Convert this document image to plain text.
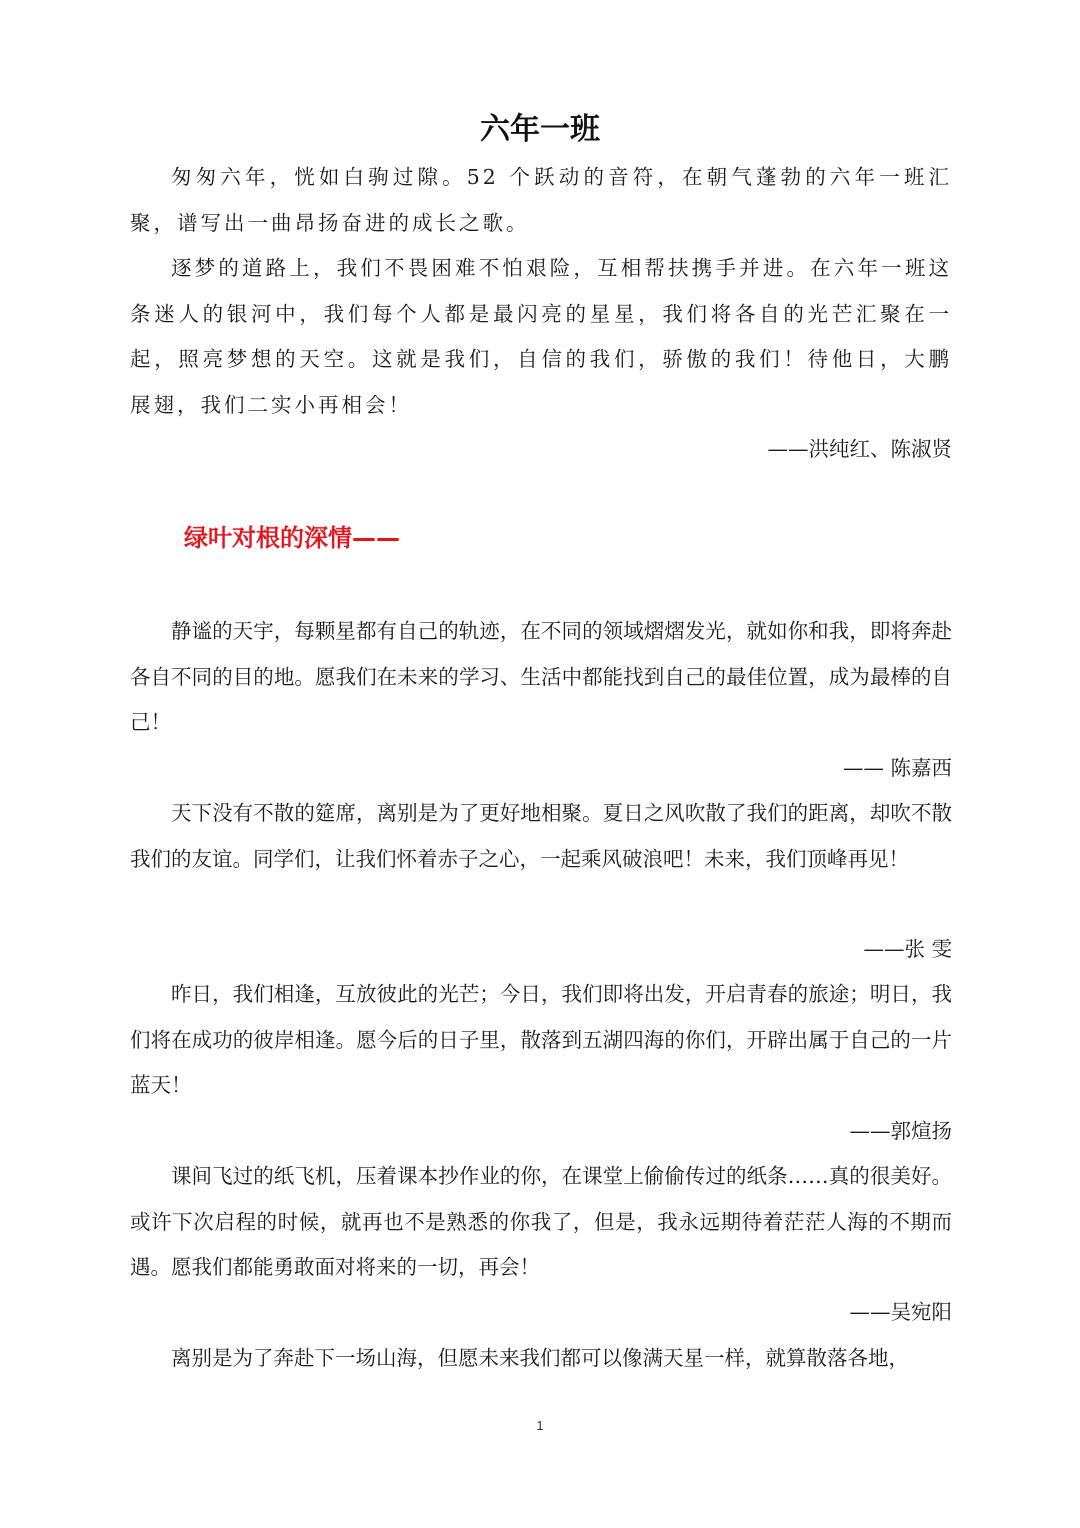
六年一班

匆匆六年，恍如白驹过隙。52 个跃动的音符，在朝气蓬勃的六年一班汇聚，谱写出一曲昂扬奋进的成长之歌。

逐梦的道路上，我们不畏困难不怕艰险，互相帮扶携手并进。在六年一班这条迷人的银河中，我们每个人都是最闪亮的星星，我们将各自的光芒汇聚在一起，照亮梦想的天空。这就是我们，自信的我们，骄傲的我们！待他日，大鹏展翅，我们二实小再相会！

——洪纯红、陈淑贤
绿叶对根的深情——

静谧的天宇，每颗星都有自己的轨迹，在不同的领域熠熠发光，就如你和我，即将奔赴各自不同的目的地。愿我们在未来的学习、生活中都能找到自己的最佳位置，成为最棒的自己！

—— 陈嘉西

天下没有不散的筵席，离别是为了更好地相聚。夏日之风吹散了我们的距离，却吹不散我们的友谊。同学们，让我们怀着赤子之心，一起乘风破浪吧！未来，我们顶峰再见！

——张 雯

昨日，我们相逢，互放彼此的光芒；今日，我们即将出发，开启青春的旅途；明日，我们将在成功的彼岸相逢。愿今后的日子里，散落到五湖四海的你们，开辟出属于自己的一片蓝天！

——郭煊扬

课间飞过的纸飞机，压着课本抄作业的你，在课堂上偷偷传过的纸条……真的很美好。或许下次启程的时候，就再也不是熟悉的你我了，但是，我永远期待着茫茫人海的不期而遇。愿我们都能勇敢面对将来的一切，再会！

——吴宛阳

离别是为了奔赴下一场山海，但愿未来我们都可以像满天星一样，就算散落各地，

1
